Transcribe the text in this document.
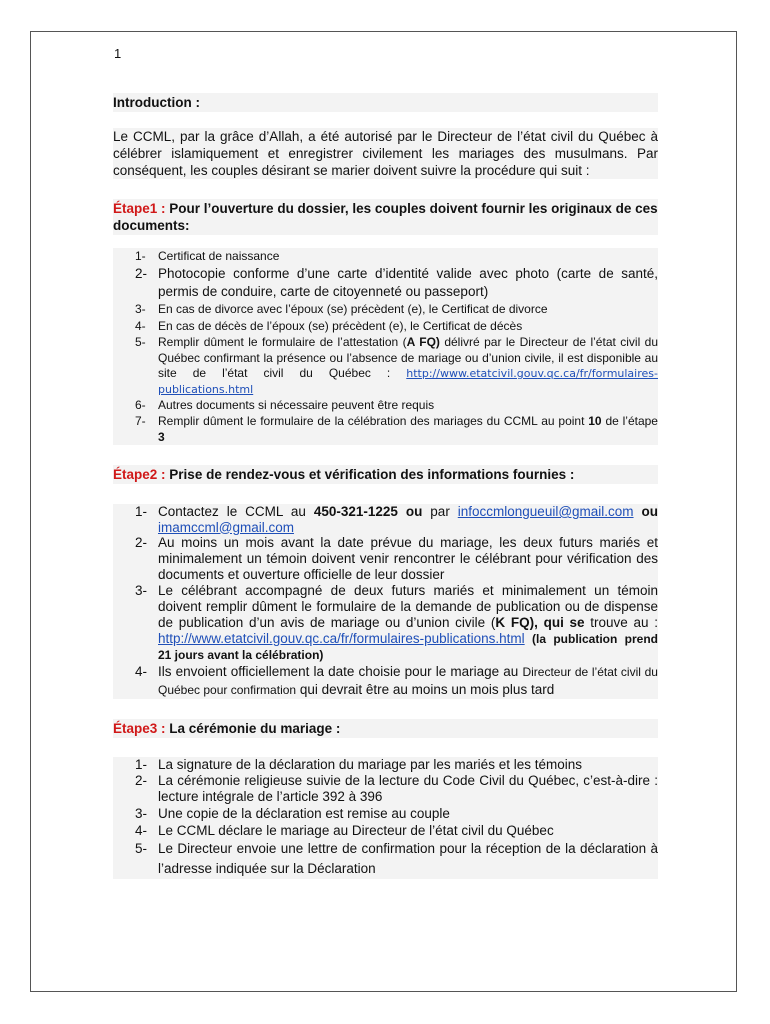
1
Introduction :
Le CCML, par la grâce d’Allah, a été autorisé par le Directeur de l’état civil du Québec à célébrer islamiquement et enregistrer civilement les mariages des musulmans. Par conséquent, les couples désirant se marier doivent suivre la procédure qui suit :
Étape1 : Pour l’ouverture du dossier, les couples doivent fournir les originaux de ces documents:
1- Certificat de naissance
2- Photocopie conforme d’une carte d’identité valide avec photo (carte de santé, permis de conduire, carte de citoyenneté ou passeport)
3- En cas de divorce avec l’époux (se) précèdent (e), le Certificat de divorce
4- En cas de décès de l’époux (se) précèdent (e), le Certificat de décès
5- Remplir dûment le formulaire de l’attestation (A FQ) délivré par le Directeur de l’état civil du Québec confirmant la présence ou l’absence de mariage ou d’union civile, il est disponible au site de l’état civil du Québec : http://www.etatcivil.gouv.qc.ca/fr/formulaires-publications.html
6- Autres documents si nécessaire peuvent être requis
7- Remplir dûment le formulaire de la célébration des mariages du CCML au point 10 de l’étape 3
Étape2 : Prise de rendez-vous et vérification des informations fournies :
1- Contactez le CCML au 450-321-1225 ou par infoccmlongueuil@gmail.com ou imamccml@gmail.com
2- Au moins un mois avant la date prévue du mariage, les deux futurs mariés et minimalement un témoin doivent venir rencontrer le célébrant pour vérification des documents et ouverture officielle de leur dossier
3- Le célébrant accompagné de deux futurs mariés et minimalement un témoin doivent remplir dûment le formulaire de la demande de publication ou de dispense de publication d’un avis de mariage ou d’union civile (K FQ), qui se trouve au : http://www.etatcivil.gouv.qc.ca/fr/formulaires-publications.html (la publication prend 21 jours avant la célébration)
4- Ils envoient officiellement la date choisie pour le mariage au Directeur de l’état civil du Québec pour confirmation qui devrait être au moins un mois plus tard
Étape3 : La cérémonie du mariage :
1- La signature de la déclaration du mariage par les mariés et les témoins
2- La cérémonie religieuse suivie de la lecture du Code Civil du Québec, c’est-à-dire : lecture intégrale de l’article 392 à 396
3- Une copie de la déclaration est remise au couple
4- Le CCML déclare le mariage au Directeur de l’état civil du Québec
5- Le Directeur envoie une lettre de confirmation pour la réception de la déclaration à l’adresse indiquée sur la Déclaration
